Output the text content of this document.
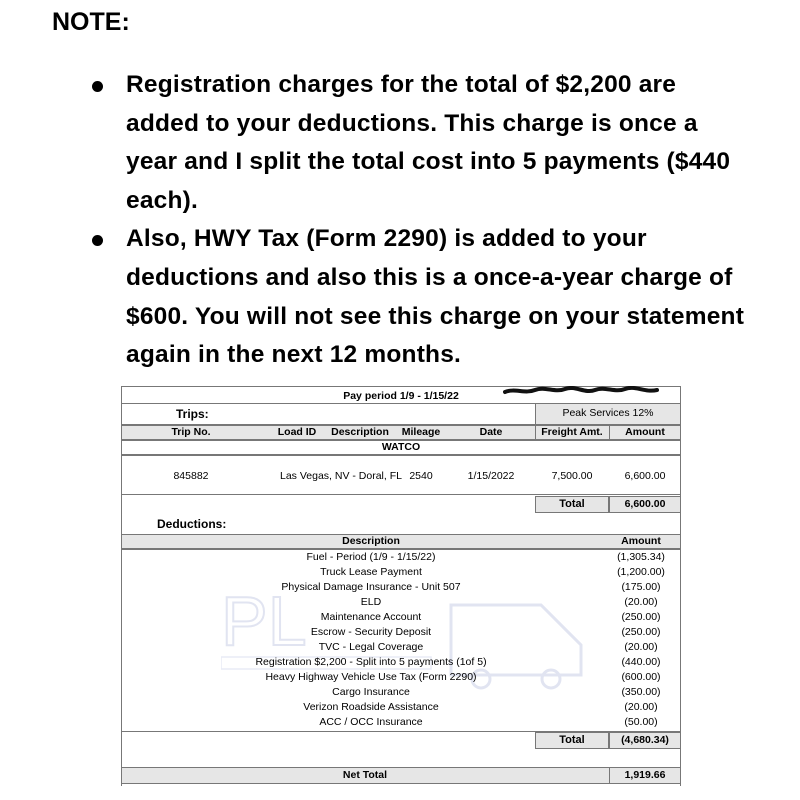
NOTE:
Registration charges for the total of $2,200 are added to your deductions. This charge is once a year and I split the total cost into 5 payments ($440 each).
Also, HWY Tax (Form 2290) is added to your deductions and also this is a once-a-year charge of $600. You will not see this charge on your statement again in the next 12 months.
Pay period 1/9 - 1/15/22
Trips:	Peak Services 12%
Trip No.	Load ID	Description	Mileage	Date	Freight Amt.	Amount
WATCO
845882	Las Vegas, NV - Doral, FL 2540	1/15/2022	7,500.00	6,600.00
Total	6,600.00
Deductions:
Description	Amount
PL
Fuel - Period (1/9 - 1/15/22)	(1,305.34)
Truck Lease Payment	(1,200.00)
Physical Damage Insurance - Unit 507	(175.00)
ELD	(20.00)
Maintenance Account	(250.00)
Escrow - Security Deposit	(250.00)
TVC - Legal Coverage	(20.00)
Registration $2,200 - Split into 5 payments (1of 5)	(440.00)
Heavy Highway Vehicle Use Tax (Form 2290)	(600.00)
Cargo Insurance	(350.00)
Verizon Roadside Assistance	(20.00)
ACC / OCC Insurance	(50.00)
Total	(4,680.34)
Net Total	1,919.66
